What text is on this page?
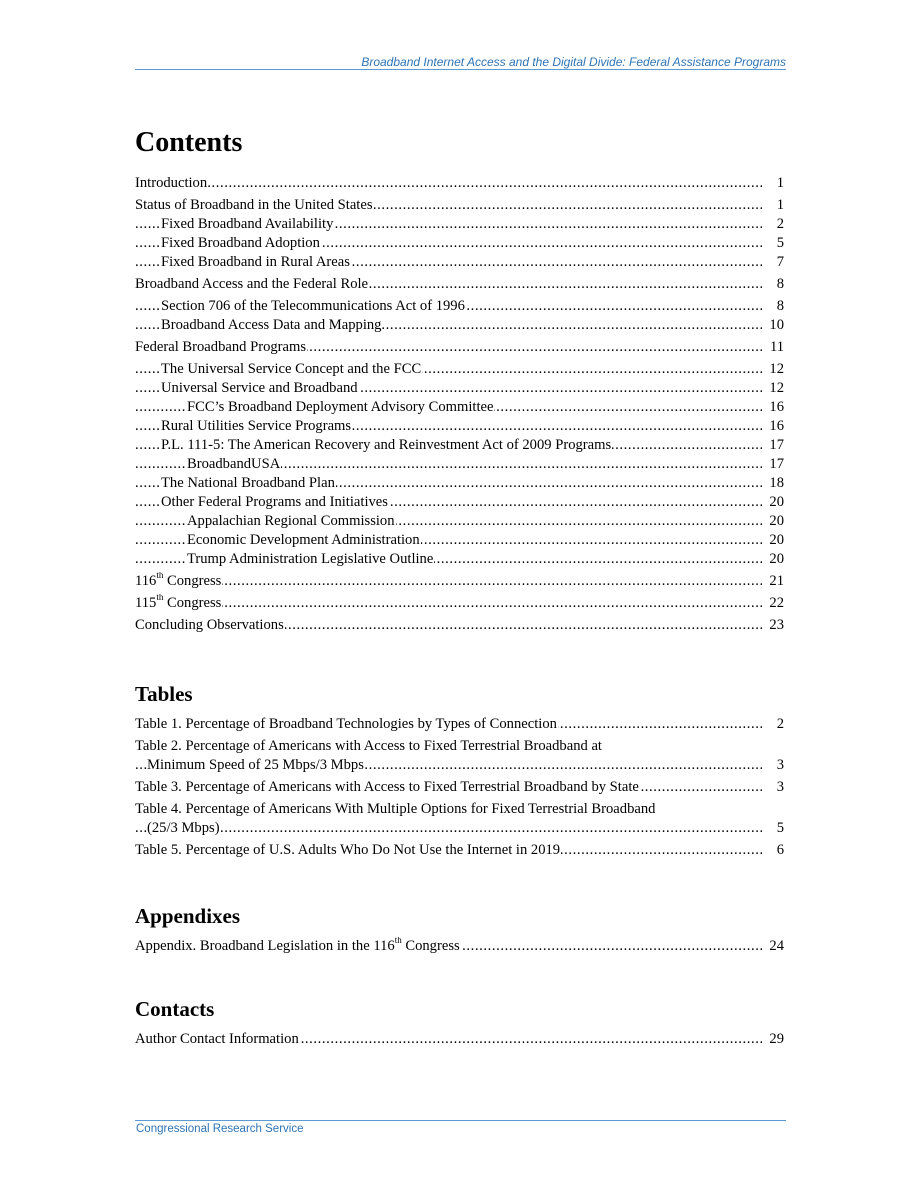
Broadband Internet Access and the Digital Divide: Federal Assistance Programs
Contents
.....
Introduction	1
.....
Status of Broadband in the United States	1
.....
Fixed Broadband Availability	2
.....
Fixed Broadband Adoption	5
.....
Fixed Broadband in Rural Areas	7
.....
Broadband Access and the Federal Role	8
.....
Section 706 of the Telecommunications Act of 1996	8
.....
Broadband Access Data and Mapping	10
.....
Federal Broadband Programs	11
.....
The Universal Service Concept and the FCC	12
.....
Universal Service and Broadband	12
.....
FCC’s Broadband Deployment Advisory Committee	16
.....
Rural Utilities Service Programs	16
.....
P.L. 111-5: The American Recovery and Reinvestment Act of 2009 Programs	17
.....
BroadbandUSA	17
.....
The National Broadband Plan	18
.....
Other Federal Programs and Initiatives	20
.....
Appalachian Regional Commission	20
.....
Economic Development Administration	20
.....
Trump Administration Legislative Outline	20
.....
116th Congress	21
.....
115th Congress	22
.....
Concluding Observations	23
Tables
.....
Table 1. Percentage of Broadband Technologies by Types of Connection	2
Table 2. Percentage of Americans with Access to Fixed Terrestrial Broadband at
.....
Minimum Speed of 25 Mbps/3 Mbps	3
.....
Table 3. Percentage of Americans with Access to Fixed Terrestrial Broadband by State	3
Table 4. Percentage of Americans With Multiple Options for Fixed Terrestrial Broadband
.....
(25/3 Mbps)	5
.....
Table 5. Percentage of U.S. Adults Who Do Not Use the Internet in 2019	6
Appendixes
.....
Appendix. Broadband Legislation in the 116th Congress	24
Contacts
.....
Author Contact Information	29
Congressional Research Service
